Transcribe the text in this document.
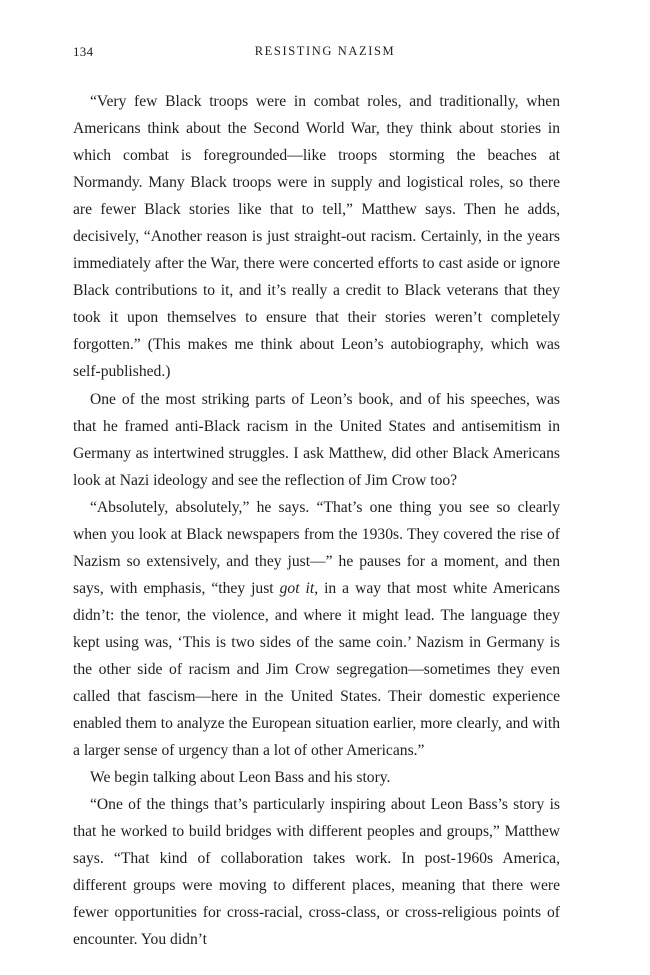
134	RESISTING NAZISM

“Very few Black troops were in combat roles, and traditionally, when Americans think about the Second World War, they think about stories in which combat is foregrounded—like troops storming the beaches at Normandy. Many Black troops were in supply and logistical roles, so there are fewer Black stories like that to tell,” Matthew says. Then he adds, decisively, “Another reason is just straight-out racism. Certainly, in the years immediately after the War, there were concerted efforts to cast aside or ignore Black contributions to it, and it’s really a credit to Black veterans that they took it upon themselves to ensure that their stories weren’t completely forgotten.” (This makes me think about Leon’s autobiography, which was self-published.)

One of the most striking parts of Leon’s book, and of his speeches, was that he framed anti-Black racism in the United States and antisemitism in Germany as intertwined struggles. I ask Matthew, did other Black Americans look at Nazi ideology and see the reflection of Jim Crow too?

“Absolutely, absolutely,” he says. “That’s one thing you see so clearly when you look at Black newspapers from the 1930s. They covered the rise of Nazism so extensively, and they just—” he pauses for a moment, and then says, with emphasis, “they just got it, in a way that most white Americans didn’t: the tenor, the violence, and where it might lead. The language they kept using was, ‘This is two sides of the same coin.’ Nazism in Germany is the other side of racism and Jim Crow segregation—sometimes they even called that fascism—here in the United States. Their domestic experience enabled them to analyze the European situation earlier, more clearly, and with a larger sense of urgency than a lot of other Americans.”

We begin talking about Leon Bass and his story.

“One of the things that’s particularly inspiring about Leon Bass’s story is that he worked to build bridges with different peoples and groups,” Matthew says. “That kind of collaboration takes work. In post-1960s America, different groups were moving to different places, meaning that there were fewer opportunities for cross-racial, cross-class, or cross-religious points of encounter. You didn’t
